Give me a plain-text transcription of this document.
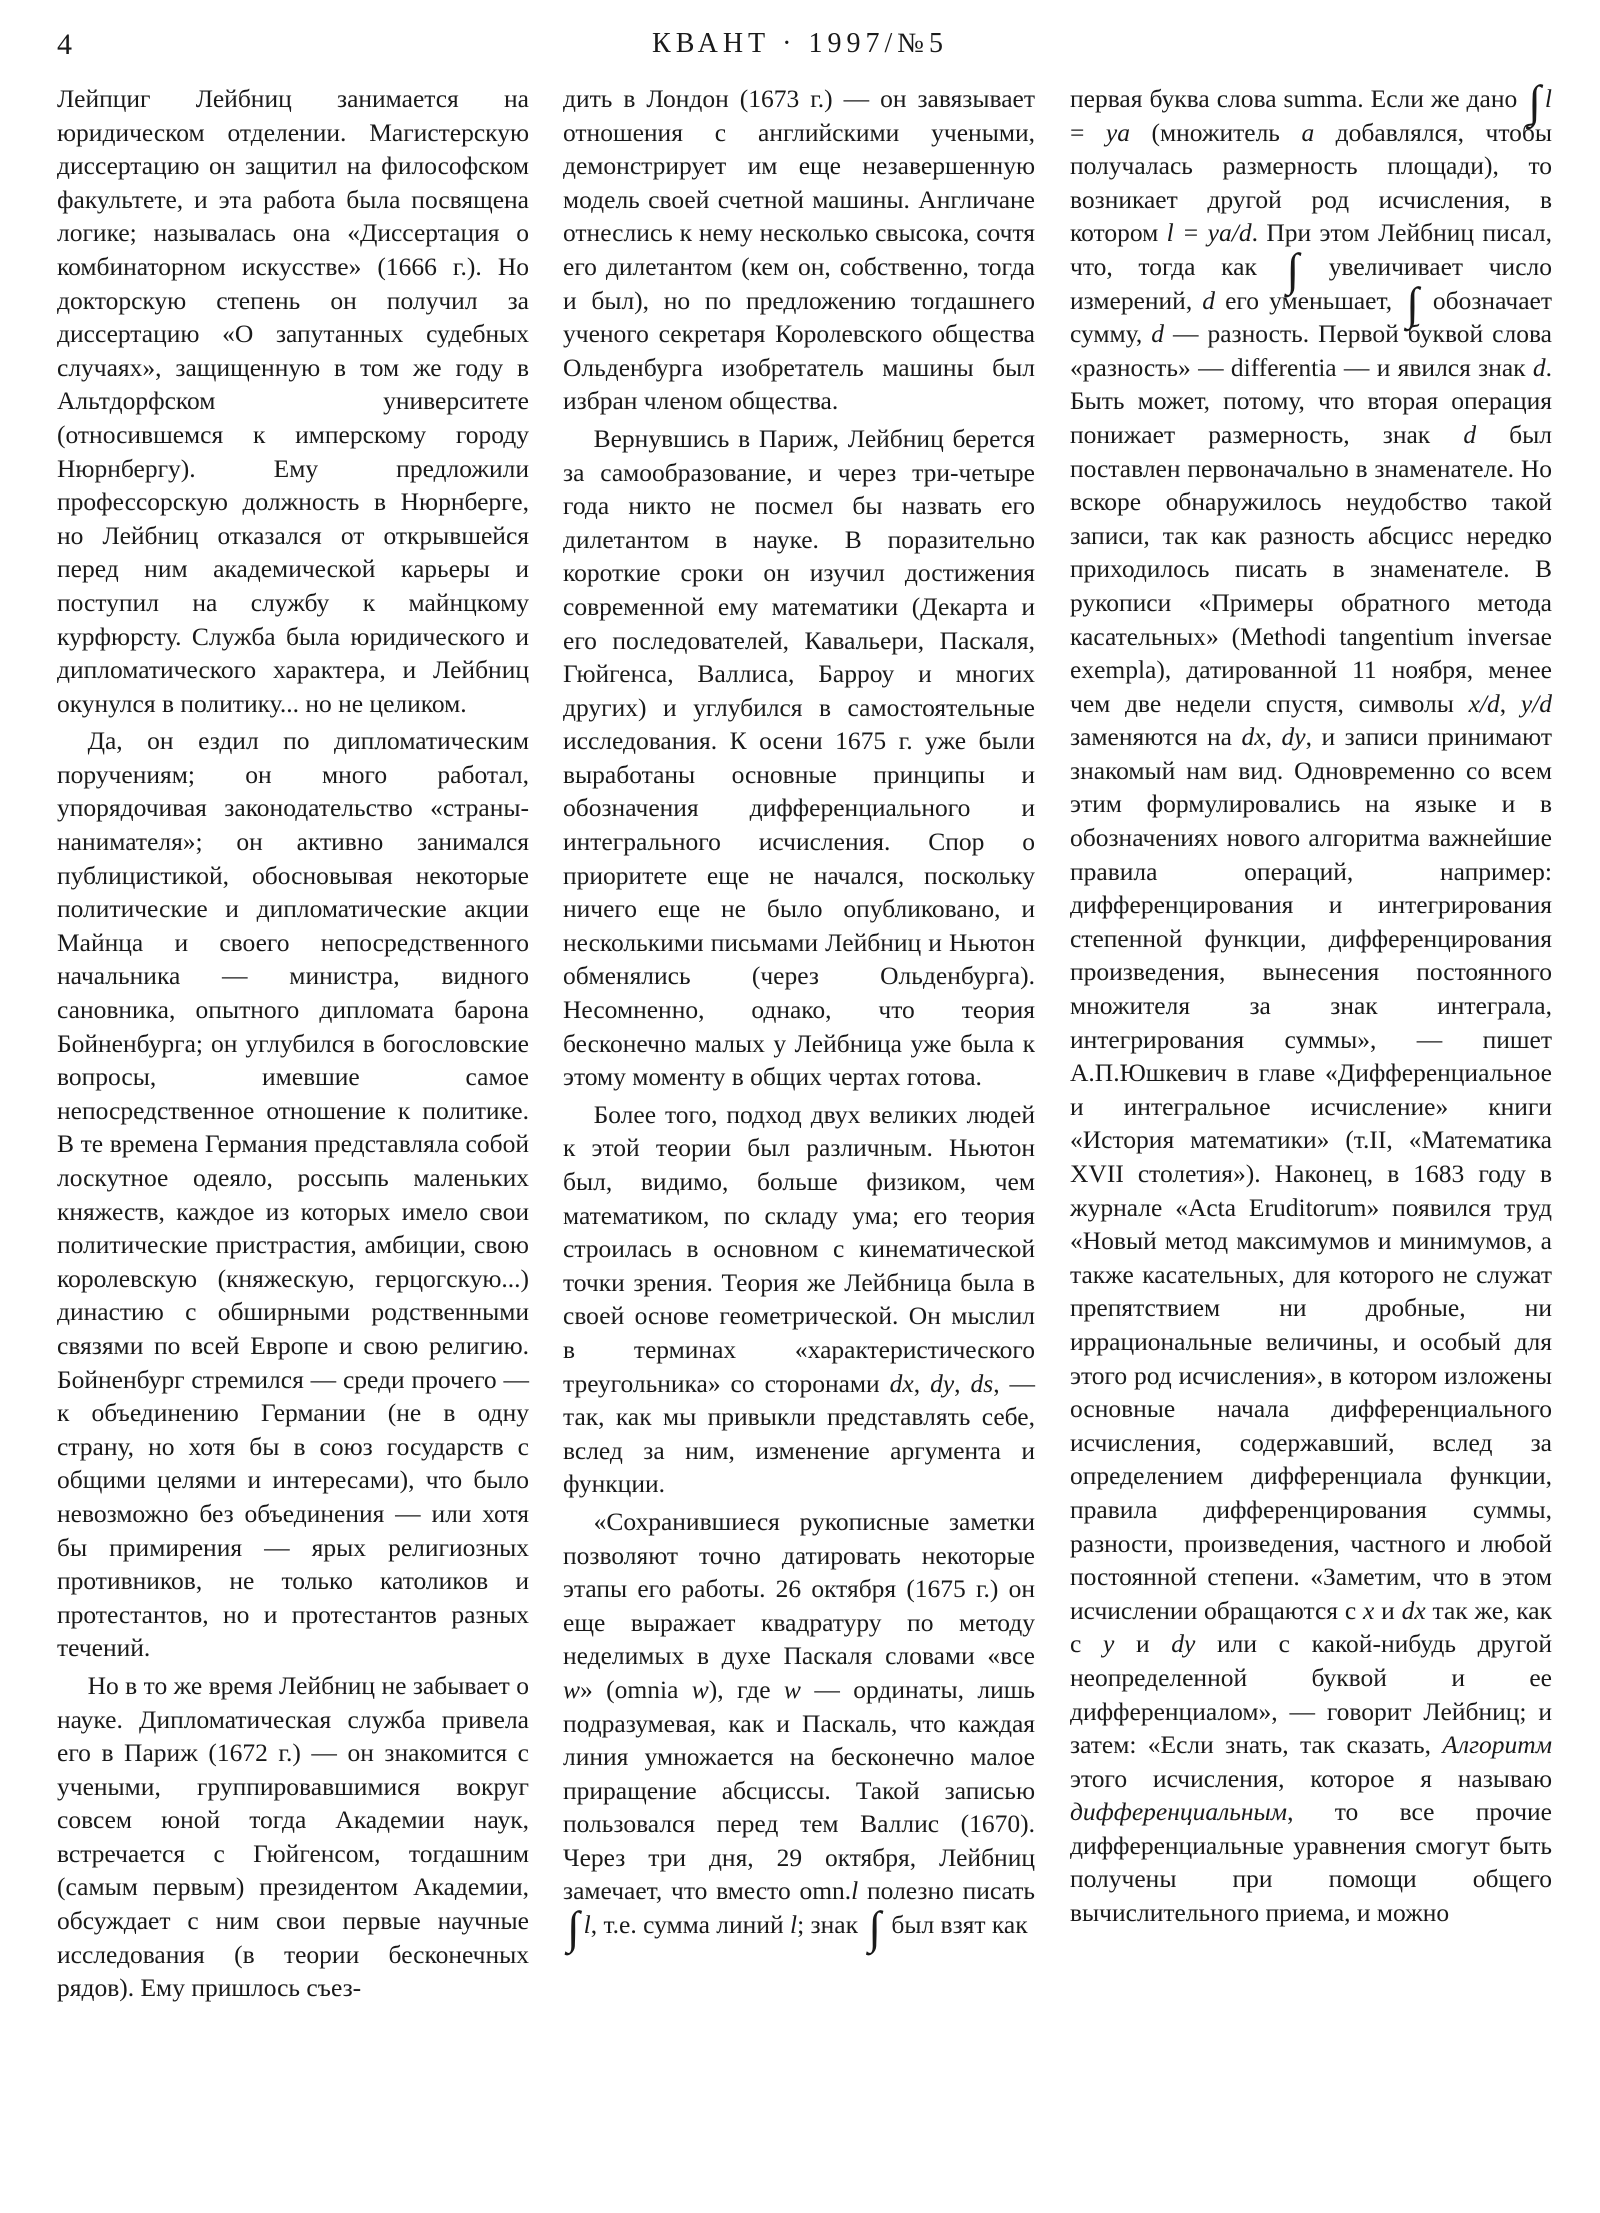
4	КВАНТ · 1997/№5

Лейпциг Лейбниц занимается на юридическом отделении. Магистерскую диссертацию он защитил на философском факультете, и эта работа была посвящена логике; называлась она «Диссертация о комбинаторном искусстве» (1666 г.). Но докторскую степень он получил за диссертацию «О запутанных судебных случаях», защищенную в том же году в Альтдорфском университете (относившемся к имперскому городу Нюрнбергу). Ему предложили профессорскую должность в Нюрнберге, но Лейбниц отказался от открывшейся перед ним академической карьеры и поступил на службу к майнцкому курфюрсту. Служба была юридического и дипломатического характера, и Лейбниц окунулся в политику... но не целиком.

Да, он ездил по дипломатическим поручениям; он много работал, упорядочивая законодательство «страны-нанимателя»; он активно занимался публицистикой, обосновывая некоторые политические и дипломатические акции Майнца и своего непосредственного начальника — министра, видного сановника, опытного дипломата барона Бойненбурга; он углубился в богословские вопросы, имевшие самое непосредственное отношение к политике. В те времена Германия представляла собой лоскутное одеяло, россыпь маленьких княжеств, каждое из которых имело свои политические пристрастия, амбиции, свою королевскую (княжескую, герцогскую...) династию с обширными родственными связями по всей Европе и свою религию. Бойненбург стремился — среди прочего — к объединению Германии (не в одну страну, но хотя бы в союз государств с общими целями и интересами), что было невозможно без объединения — или хотя бы примирения — ярых религиозных противников, не только католиков и протестантов, но и протестантов разных течений.

Но в то же время Лейбниц не забывает о науке. Дипломатическая служба привела его в Париж (1672 г.) — он знакомится с учеными, группировавшимися вокруг совсем юной тогда Академии наук, встречается с Гюйгенсом, тогдашним (самым первым) президентом Академии, обсуждает с ним свои первые научные исследования (в теории бесконечных рядов). Ему пришлось съез-

дить в Лондон (1673 г.) — он завязывает отношения с английскими учеными, демонстрирует им еще незавершенную модель своей счетной машины. Англичане отнеслись к нему несколько свысока, сочтя его дилетантом (кем он, собственно, тогда и был), но по предложению тогдашнего ученого секретаря Королевского общества Ольденбурга изобретатель машины был избран членом общества.

Вернувшись в Париж, Лейбниц берется за самообразование, и через три-четыре года никто не посмел бы назвать его дилетантом в науке. В поразительно короткие сроки он изучил достижения современной ему математики (Декарта и его последователей, Кавальери, Паскаля, Гюйгенса, Валлиса, Барроу и многих других) и углубился в самостоятельные исследования. К осени 1675 г. уже были выработаны основные принципы и обозначения дифференциального и интегрального исчисления. Спор о приоритете еще не начался, поскольку ничего еще не было опубликовано, и несколькими письмами Лейбниц и Ньютон обменялись (через Ольденбурга). Несомненно, однако, что теория бесконечно малых у Лейбница уже была к этому моменту в общих чертах готова.

Более того, подход двух великих людей к этой теории был различным. Ньютон был, видимо, больше физиком, чем математиком, по складу ума; его теория строилась в основном с кинематической точки зрения. Теория же Лейбница была в своей основе геометрической. Он мыслил в терминах «характеристического треугольника» со сторонами dx, dy, ds, — так, как мы привыкли представлять себе, вслед за ним, изменение аргумента и функции.

«Сохранившиеся рукописные заметки позволяют точно датировать некоторые этапы его работы. 26 октября (1675 г.) он еще выражает квадратуру по методу неделимых в духе Паскаля словами «все w» (omnia w), где w — ординаты, лишь подразумевая, как и Паскаль, что каждая линия умножается на бесконечно малое приращение абсциссы. Такой записью пользовался перед тем Валлис (1670). Через три дня, 29 октября, Лейбниц замечает, что вместо omn.l полезно писать ∫ l, т.е. сумма линий l; знак ∫ был взят как

первая буква слова summa. Если же дано ∫ l = ya (множитель a добавлялся, чтобы получалась размерность площади), то возникает другой род исчисления, в котором l = ya/d. При этом Лейбниц писал, что, тогда как ∫ увеличивает число измерений, d его уменьшает, ∫ обозначает сумму, d — разность. Первой буквой слова «разность» — differentia — и явился знак d. Быть может, потому, что вторая операция понижает размерность, знак d был поставлен первоначально в знаменателе. Но вскоре обнаружилось неудобство такой записи, так как разность абсцисс нередко приходилось писать в знаменателе. В рукописи «Примеры обратного метода касательных» (Methodi tangentium inversae exempla), датированной 11 ноября, менее чем две недели спустя, символы x/d, y/d заменяются на dx, dy, и записи принимают знакомый нам вид. Одновременно со всем этим формулировались на языке и в обозначениях нового алгоритма важнейшие правила операций, например: дифференцирования и интегрирования степенной функции, дифференцирования произведения, вынесения постоянного множителя за знак интеграла, интегрирования суммы», — пишет А.П.Юшкевич в главе «Дифференциальное и интегральное исчисление» книги «История математики» (т.II, «Математика XVII столетия»). Наконец, в 1683 году в журнале «Acta Eruditorum» появился труд «Новый метод максимумов и минимумов, а также касательных, для которого не служат препятствием ни дробные, ни иррациональные величины, и особый для этого род исчисления», в котором изложены основные начала дифференциального исчисления, содержавший, вслед за определением дифференциала функции, правила дифференцирования суммы, разности, произведения, частного и любой постоянной степени. «Заметим, что в этом исчислении обращаются с x и dx так же, как с y и dy или с какой-нибудь другой неопределенной буквой и ее дифференциалом», — говорит Лейбниц; и затем: «Если знать, так сказать, Алгоритм этого исчисления, которое я называю дифференциальным, то все прочие дифференциальные уравнения смогут быть получены при помощи общего вычислительного приема, и можно
